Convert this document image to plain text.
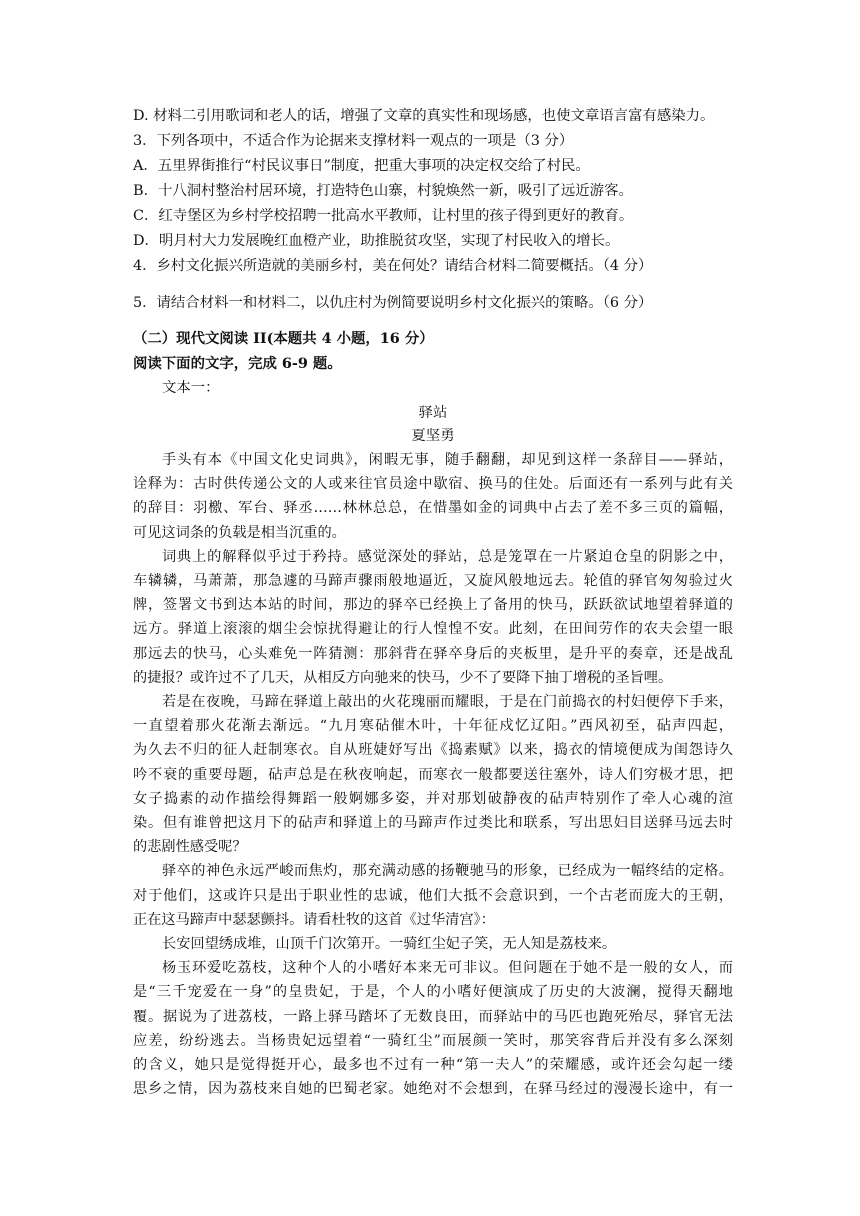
D. 材料二引用歌词和老人的话，增强了文章的真实性和现场感，也使文章语言富有感染力。
3．下列各项中，不适合作为论据来支撑材料一观点的一项是（3 分）
A．五里界街推行“村民议事日”制度，把重大事项的决定权交给了村民。
B．十八洞村整治村居环境，打造特色山寨，村貌焕然一新，吸引了远近游客。
C．红寺堡区为乡村学校招聘一批高水平教师，让村里的孩子得到更好的教育。
D．明月村大力发展晚红血橙产业，助推脱贫攻坚，实现了村民收入的增长。
4．乡村文化振兴所造就的美丽乡村，美在何处？请结合材料二简要概括。（4 分）
5．请结合材料一和材料二，以仇庄村为例简要说明乡村文化振兴的策略。（6 分）
（二）现代文阅读 II(本题共 4 小题，16 分）
阅读下面的文字，完成 6-9 题。
文本一：
驿站
夏坚勇
手头有本《中国文化史词典》，闲暇无事，随手翻翻，却见到这样一条辞目——驿站，
诠释为：古时供传递公文的人或来往官员途中歇宿、换马的住处。后面还有一系列与此有关
的辞目：羽檄、军台、驿丞……林林总总，在惜墨如金的词典中占去了差不多三页的篇幅，
可见这词条的负载是相当沉重的。
词典上的解释似乎过于矜持。感觉深处的驿站，总是笼罩在一片紧迫仓皇的阴影之中，
车辚辚，马萧萧，那急遽的马蹄声骤雨般地逼近，又旋风般地远去。轮值的驿官匆匆验过火
牌，签署文书到达本站的时间，那边的驿卒已经换上了备用的快马，跃跃欲试地望着驿道的
远方。驿道上滚滚的烟尘会惊扰得避让的行人惶惶不安。此刻，在田间劳作的农夫会望一眼
那远去的快马，心头难免一阵猜测：那斜背在驿卒身后的夹板里，是升平的奏章，还是战乱
的捷报？或许过不了几天，从相反方向驰来的快马，少不了要降下抽丁增税的圣旨哩。
若是在夜晚，马蹄在驿道上敲出的火花瑰丽而耀眼，于是在门前捣衣的村妇便停下手来，
一直望着那火花渐去渐远。“九月寒砧催木叶，十年征戍忆辽阳。”西风初至，砧声四起，
为久去不归的征人赶制寒衣。自从班婕妤写出《捣素赋》以来，捣衣的情境便成为闺怨诗久
吟不衰的重要母题，砧声总是在秋夜响起，而寒衣一般都要送往塞外，诗人们穷极才思，把
女子捣素的动作描绘得舞蹈一般婀娜多姿，并对那划破静夜的砧声特别作了牵人心魂的渲
染。但有谁曾把这月下的砧声和驿道上的马蹄声作过类比和联系，写出思妇目送驿马远去时
的悲剧性感受呢？
驿卒的神色永远严峻而焦灼，那充满动感的扬鞭驰马的形象，已经成为一幅终结的定格。
对于他们，这或许只是出于职业性的忠诚，他们大抵不会意识到，一个古老而庞大的王朝，
正在这马蹄声中瑟瑟颤抖。请看杜牧的这首《过华清宫》：
长安回望绣成堆，山顶千门次第开。一骑红尘妃子笑，无人知是荔枝来。
杨玉环爱吃荔枝，这种个人的小嗜好本来无可非议。但问题在于她不是一般的女人，而
是“三千宠爱在一身”的皇贵妃，于是，个人的小嗜好便演成了历史的大波澜，搅得天翻地
覆。据说为了进荔枝，一路上驿马踏坏了无数良田，而驿站中的马匹也跑死殆尽，驿官无法
应差，纷纷逃去。当杨贵妃远望着“一骑红尘”而展颜一笑时，那笑容背后并没有多么深刻
的含义，她只是觉得挺开心，最多也不过有一种“第一夫人”的荣耀感，或许还会勾起一缕
思乡之情，因为荔枝来自她的巴蜀老家。她绝对不会想到，在驿马经过的漫漫长途中，有一
